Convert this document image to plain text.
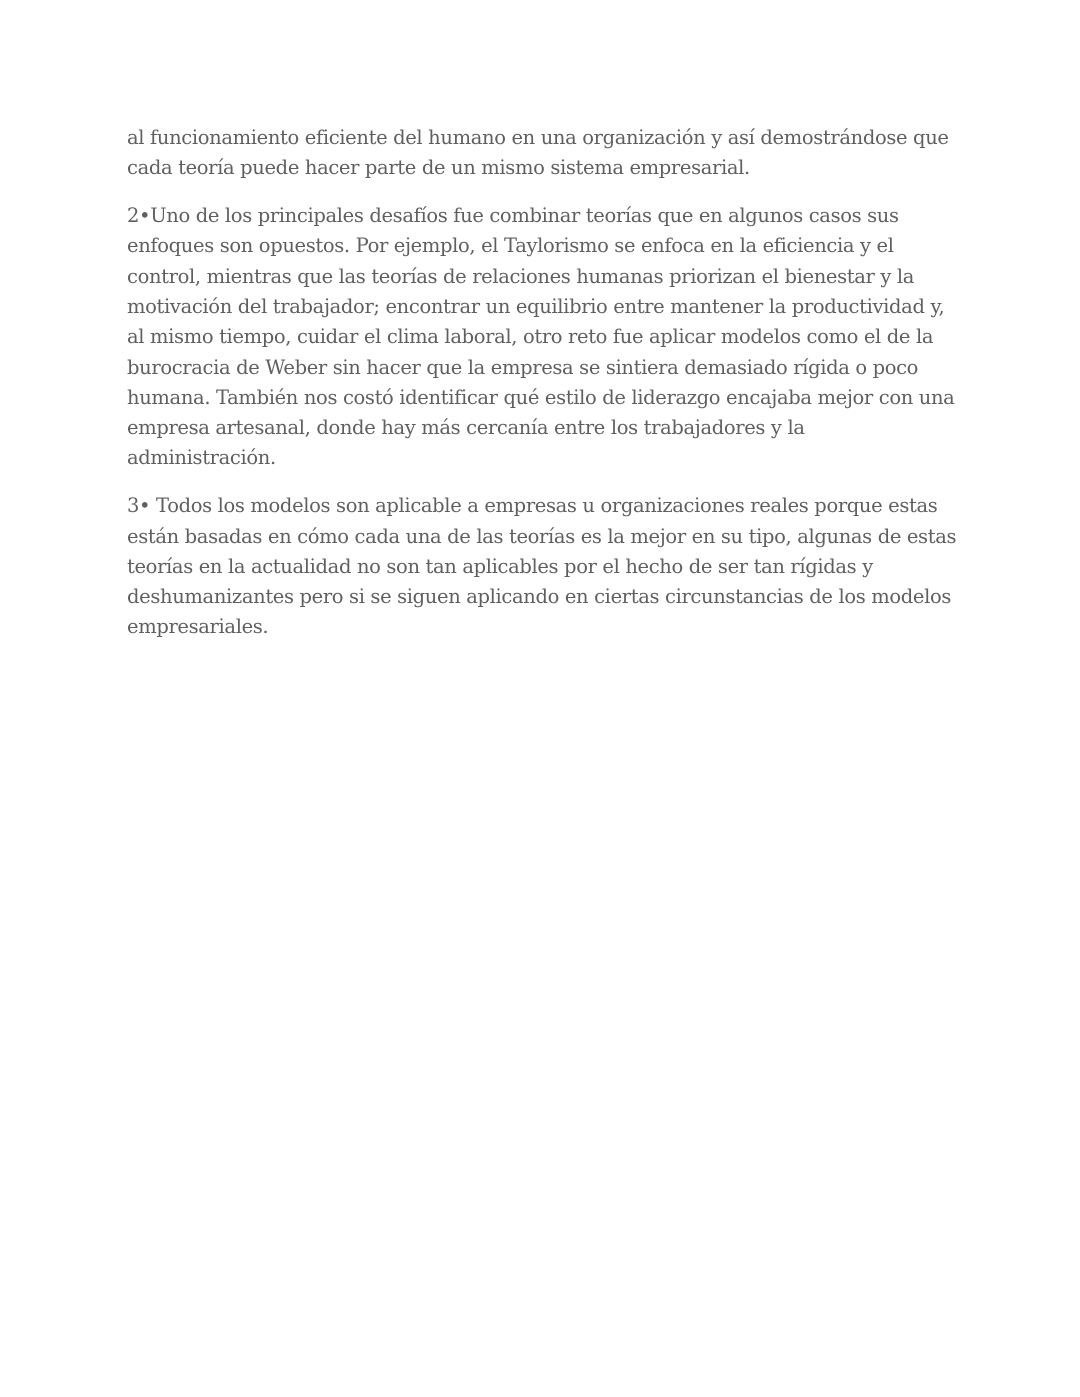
al funcionamiento eficiente del humano en una organización y así demostrándose que cada teoría puede hacer parte de un mismo sistema empresarial.

2•Uno de los principales desafíos fue combinar teorías que en algunos casos sus enfoques son opuestos. Por ejemplo, el Taylorismo se enfoca en la eficiencia y el control, mientras que las teorías de relaciones humanas priorizan el bienestar y la motivación del trabajador; encontrar un equilibrio entre mantener la productividad y, al mismo tiempo, cuidar el clima laboral, otro reto fue aplicar modelos como el de la burocracia de Weber sin hacer que la empresa se sintiera demasiado rígida o poco humana. También nos costó identificar qué estilo de liderazgo encajaba mejor con una empresa artesanal, donde hay más cercanía entre los trabajadores y la administración.

3• Todos los modelos son aplicable a empresas u organizaciones reales porque estas están basadas en cómo cada una de las teorías es la mejor en su tipo, algunas de estas teorías en la actualidad no son tan aplicables por el hecho de ser tan rígidas y deshumanizantes pero si se siguen aplicando en ciertas circunstancias de los modelos empresariales.
